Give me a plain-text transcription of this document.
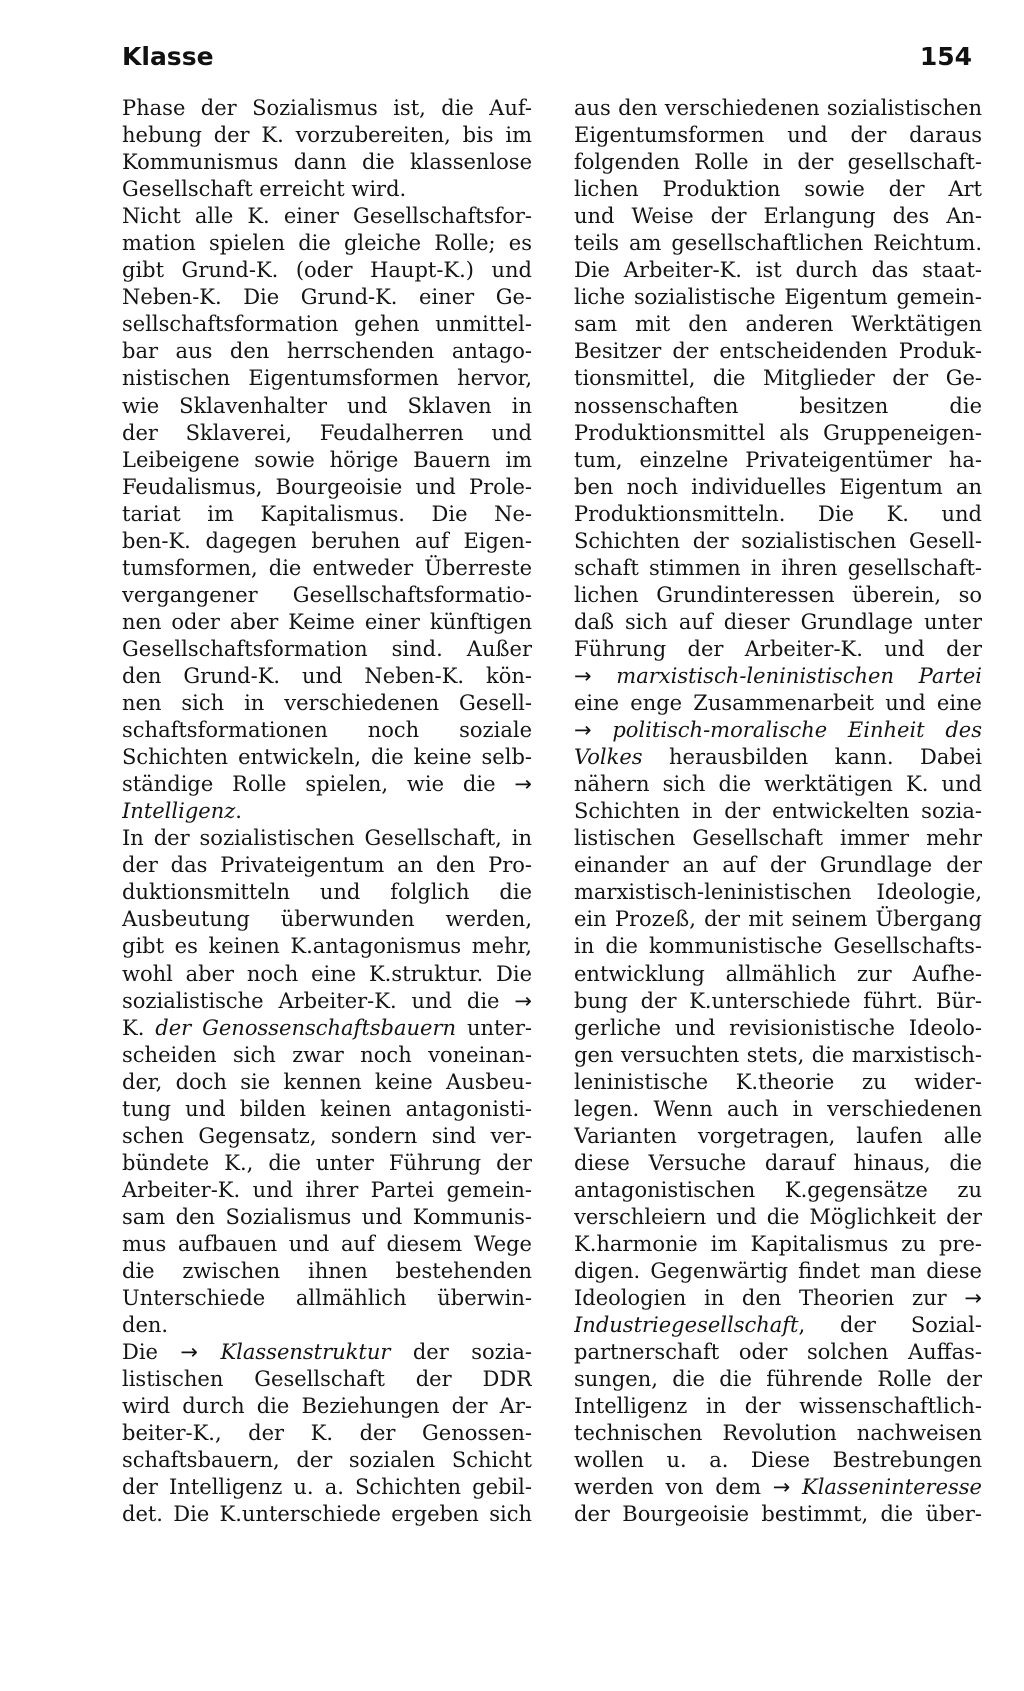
Klasse	154
Phase der Sozialismus ist, die Auf-
hebung der K. vorzubereiten, bis im
Kommunismus dann die klassenlose
Gesellschaft erreicht wird.
Nicht alle K. einer Gesellschaftsfor-
mation spielen die gleiche Rolle; es
gibt Grund-K. (oder Haupt-K.) und
Neben-K. Die Grund-K. einer Ge-
sellschaftsformation gehen unmittel-
bar aus den herrschenden antago-
nistischen Eigentumsformen hervor,
wie Sklavenhalter und Sklaven in
der Sklaverei, Feudalherren und
Leibeigene sowie hörige Bauern im
Feudalismus, Bourgeoisie und Prole-
tariat im Kapitalismus. Die Ne-
ben-K. dagegen beruhen auf Eigen-
tumsformen, die entweder Überreste
vergangener Gesellschaftsformatio-
nen oder aber Keime einer künftigen
Gesellschaftsformation sind. Außer
den Grund-K. und Neben-K. kön-
nen sich in verschiedenen Gesell-
schaftsformationen noch soziale
Schichten entwickeln, die keine selb-
ständige Rolle spielen, wie die →
Intelligenz.
In der sozialistischen Gesellschaft, in
der das Privateigentum an den Pro-
duktionsmitteln und folglich die
Ausbeutung überwunden werden,
gibt es keinen K.antagonismus mehr,
wohl aber noch eine K.struktur. Die
sozialistische Arbeiter-K. und die →
K. der Genossenschaftsbauern unter-
scheiden sich zwar noch voneinan-
der, doch sie kennen keine Ausbeu-
tung und bilden keinen antagonisti-
schen Gegensatz, sondern sind ver-
bündete K., die unter Führung der
Arbeiter-K. und ihrer Partei gemein-
sam den Sozialismus und Kommunis-
mus aufbauen und auf diesem Wege
die zwischen ihnen bestehenden
Unterschiede allmählich überwin-
den.
Die → Klassenstruktur der sozia-
listischen Gesellschaft der DDR
wird durch die Beziehungen der Ar-
beiter-K., der K. der Genossen-
schaftsbauern, der sozialen Schicht
der Intelligenz u. a. Schichten gebil-
det. Die K.unterschiede ergeben sich
aus den verschiedenen sozialistischen
Eigentumsformen und der daraus
folgenden Rolle in der gesellschaft-
lichen Produktion sowie der Art
und Weise der Erlangung des An-
teils am gesellschaftlichen Reichtum.
Die Arbeiter-K. ist durch das staat-
liche sozialistische Eigentum gemein-
sam mit den anderen Werktätigen
Besitzer der entscheidenden Produk-
tionsmittel, die Mitglieder der Ge-
nossenschaften besitzen die
Produktionsmittel als Gruppeneigen-
tum, einzelne Privateigentümer ha-
ben noch individuelles Eigentum an
Produktionsmitteln. Die K. und
Schichten der sozialistischen Gesell-
schaft stimmen in ihren gesellschaft-
lichen Grundinteressen überein, so
daß sich auf dieser Grundlage unter
Führung der Arbeiter-K. und der
→ marxistisch-leninistischen Partei
eine enge Zusammenarbeit und eine
→ politisch-moralische Einheit des
Volkes herausbilden kann. Dabei
nähern sich die werktätigen K. und
Schichten in der entwickelten sozia-
listischen Gesellschaft immer mehr
einander an auf der Grundlage der
marxistisch-leninistischen Ideologie,
ein Prozeß, der mit seinem Übergang
in die kommunistische Gesellschafts-
entwicklung allmählich zur Aufhe-
bung der K.unterschiede führt. Bür-
gerliche und revisionistische Ideolo-
gen versuchten stets, die marxistisch-
leninistische K.theorie zu wider-
legen. Wenn auch in verschiedenen
Varianten vorgetragen, laufen alle
diese Versuche darauf hinaus, die
antagonistischen K.gegensätze zu
verschleiern und die Möglichkeit der
K.harmonie im Kapitalismus zu pre-
digen. Gegenwärtig findet man diese
Ideologien in den Theorien zur →
Industriegesellschaft, der Sozial-
partnerschaft oder solchen Auffas-
sungen, die die führende Rolle der
Intelligenz in der wissenschaftlich-
technischen Revolution nachweisen
wollen u. a. Diese Bestrebungen
werden von dem → Klasseninteresse
der Bourgeoisie bestimmt, die über-
